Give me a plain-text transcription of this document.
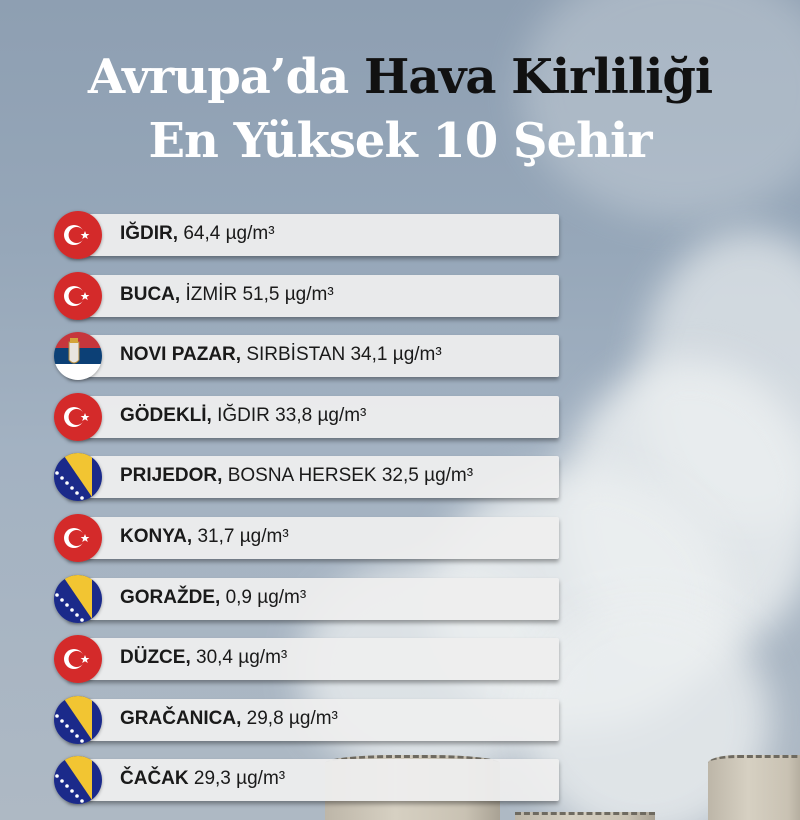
Avrupa’da Hava Kirliliği
En Yüksek 10 Şehir
IĞDIR, 64,4 µg/m³
BUCA, İZMİR 51,5 µg/m³
NOVI PAZAR, SIRBİSTAN 34,1 µg/m³
GÖDEKLİ, IĞDIR 33,8 µg/m³
PRIJEDOR, BOSNA HERSEK 32,5 µg/m³
KONYA, 31,7 µg/m³
GORAŽDE, 0,9 µg/m³
DÜZCE, 30,4 µg/m³
GRAČANICA, 29,8 µg/m³
ČAČAK 29,3 µg/m³
